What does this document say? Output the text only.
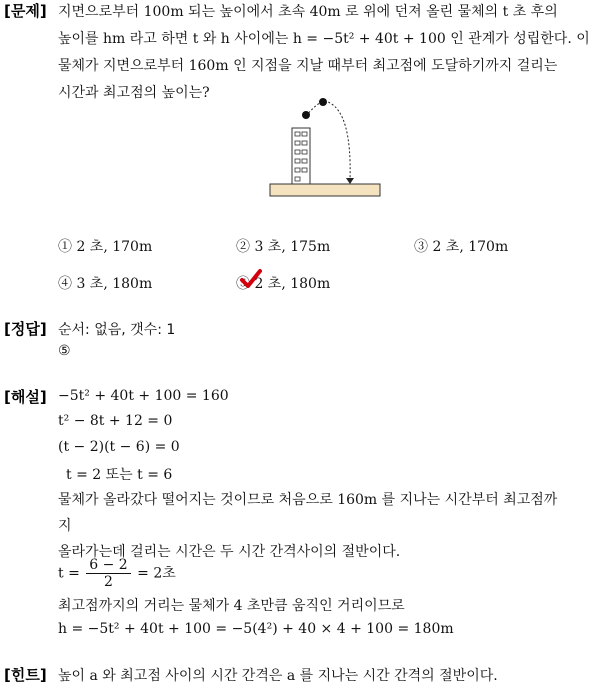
[문제] 지면으로부터 100m 되는 높이에서 초속 40m 로 위에 던져 올린 물체의 t 초 후의
높이를 hm 라고 하면 t 와 h 사이에는 h = −5t² + 40t + 100 인 관계가 성립한다. 이
물체가 지면으로부터 160m 인 지점을 지날 때부터 최고점에 도달하기까지 걸리는
시간과 최고점의 높이는?
① 2 초, 170m	② 3 초, 175m	③ 2 초, 170m
④ 3 초, 180m	⑤ 2 초, 180m
[정답] 순서: 없음, 갯수: 1
⑤
[해설] −5t² + 40t + 100 = 160
t² − 8t + 12 = 0
(t − 2)(t − 6) = 0
t = 2 또는 t = 6
물체가 올라갔다 떨어지는 것이므로 처음으로 160m 를 지나는 시간부터 최고점까
지
올라가는데 걸리는 시간은 두 시간 간격사이의 절반이다.
$t = \frac{6 - 2}{2} = 2$초
최고점까지의 거리는 물체가 4 초만큼 움직인 거리이므로
h = −5t² + 40t + 100 = −5(4²) + 40 × 4 + 100 = 180m
[힌트] 높이 a 와 최고점 사이의 시간 간격은 a 를 지나는 시간 간격의 절반이다.
